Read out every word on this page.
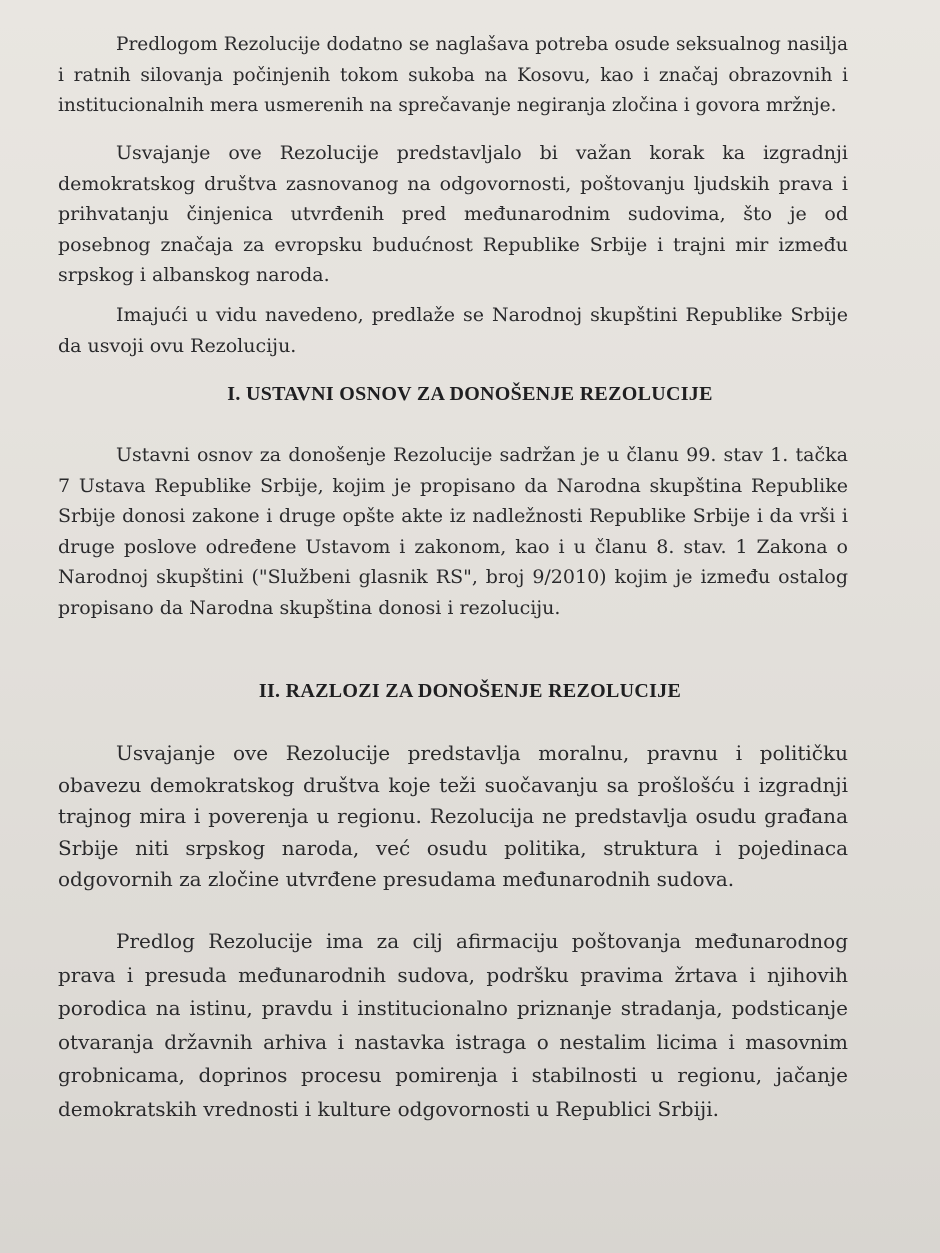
Predlogom Rezolucije dodatno se naglašava potreba osude seksualnog nasilja i ratnih silovanja počinjenih tokom sukoba na Kosovu, kao i značaj obrazovnih i institucionalnih mera usmerenih na sprečavanje negiranja zločina i govora mržnje.

Usvajanje ove Rezolucije predstavljalo bi važan korak ka izgradnji demokratskog društva zasnovanog na odgovornosti, poštovanju ljudskih prava i prihvatanju činjenica utvrđenih pred međunarodnim sudovima, što je od posebnog značaja za evropsku budućnost Republike Srbije i trajni mir između srpskog i albanskog naroda.

Imajući u vidu navedeno, predlaže se Narodnoj skupštini Republike Srbije da usvoji ovu Rezoluciju.

I. USTAVNI OSNOV ZA DONOŠENJE REZOLUCIJE

Ustavni osnov za donošenje Rezolucije sadržan je u članu 99. stav 1. tačka 7 Ustava Republike Srbije, kojim je propisano da Narodna skupština Republike Srbije donosi zakone i druge opšte akte iz nadležnosti Republike Srbije i da vrši i druge poslove određene Ustavom i zakonom, kao i u članu 8. stav. 1 Zakona o Narodnoj skupštini ("Službeni glasnik RS", broj 9/2010) kojim je između ostalog propisano da Narodna skupština donosi i rezoluciju.

II. RAZLOZI ZA DONOŠENJE REZOLUCIJE

Usvajanje ove Rezolucije predstavlja moralnu, pravnu i političku obavezu demokratskog društva koje teži suočavanju sa prošlošću i izgradnji trajnog mira i poverenja u regionu. Rezolucija ne predstavlja osudu građana Srbije niti srpskog naroda, već osudu politika, struktura i pojedinaca odgovornih za zločine utvrđene presudama međunarodnih sudova.

Predlog Rezolucije ima za cilj afirmaciju poštovanja međunarodnog prava i presuda međunarodnih sudova, podršku pravima žrtava i njihovih porodica na istinu, pravdu i institucionalno priznanje stradanja, podsticanje otvaranja državnih arhiva i nastavka istraga o nestalim licima i masovnim grobnicama, doprinos procesu pomirenja i stabilnosti u regionu, jačanje demokratskih vrednosti i kulture odgovornosti u Republici Srbiji.
